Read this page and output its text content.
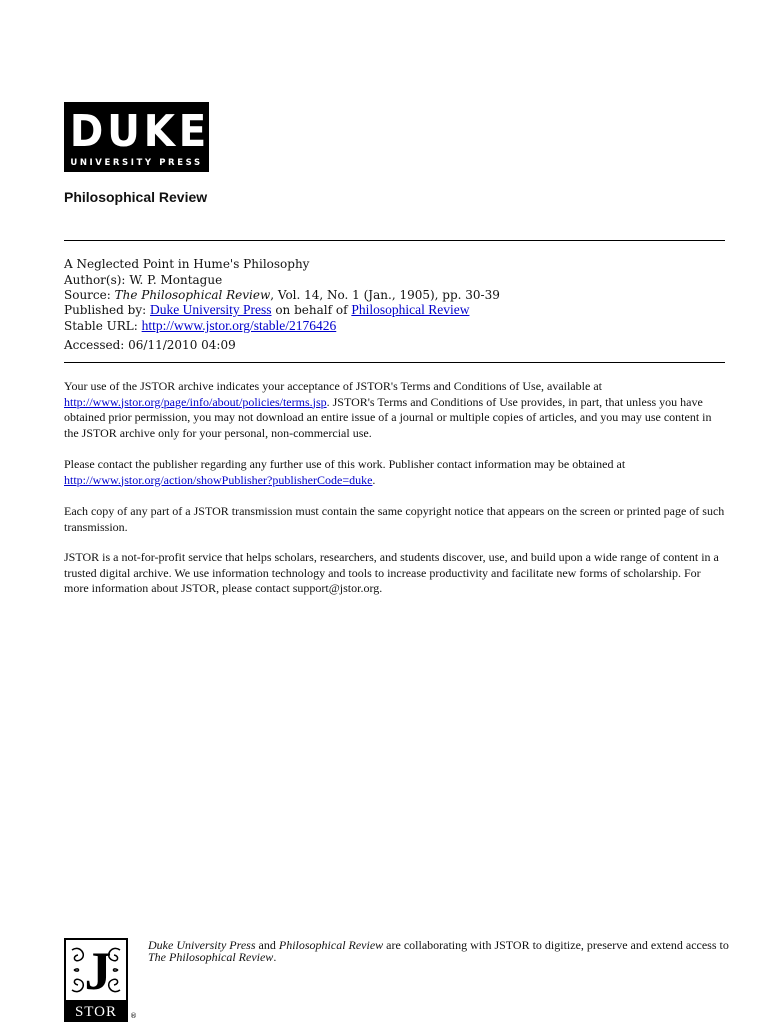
DUKE
UNIVERSITY PRESS
Philosophical Review
A Neglected Point in Hume's Philosophy
Author(s): W. P. Montague
Source: The Philosophical Review, Vol. 14, No. 1 (Jan., 1905), pp. 30-39
Published by: Duke University Press on behalf of Philosophical Review
Stable URL: http://www.jstor.org/stable/2176426
Accessed: 06/11/2010 04:09
Your use of the JSTOR archive indicates your acceptance of JSTOR's Terms and Conditions of Use, available at http://www.jstor.org/page/info/about/policies/terms.jsp. JSTOR's Terms and Conditions of Use provides, in part, that unless you have obtained prior permission, you may not download an entire issue of a journal or multiple copies of articles, and you may use content in the JSTOR archive only for your personal, non-commercial use.
Please contact the publisher regarding any further use of this work. Publisher contact information may be obtained at http://www.jstor.org/action/showPublisher?publisherCode=duke.
Each copy of any part of a JSTOR transmission must contain the same copyright notice that appears on the screen or printed page of such transmission.
JSTOR is a not-for-profit service that helps scholars, researchers, and students discover, use, and build upon a wide range of content in a trusted digital archive. We use information technology and tools to increase productivity and facilitate new forms of scholarship. For more information about JSTOR, please contact support@jstor.org.
J
STOR	®
Duke University Press and Philosophical Review are collaborating with JSTOR to digitize, preserve and extend access to The Philosophical Review.
